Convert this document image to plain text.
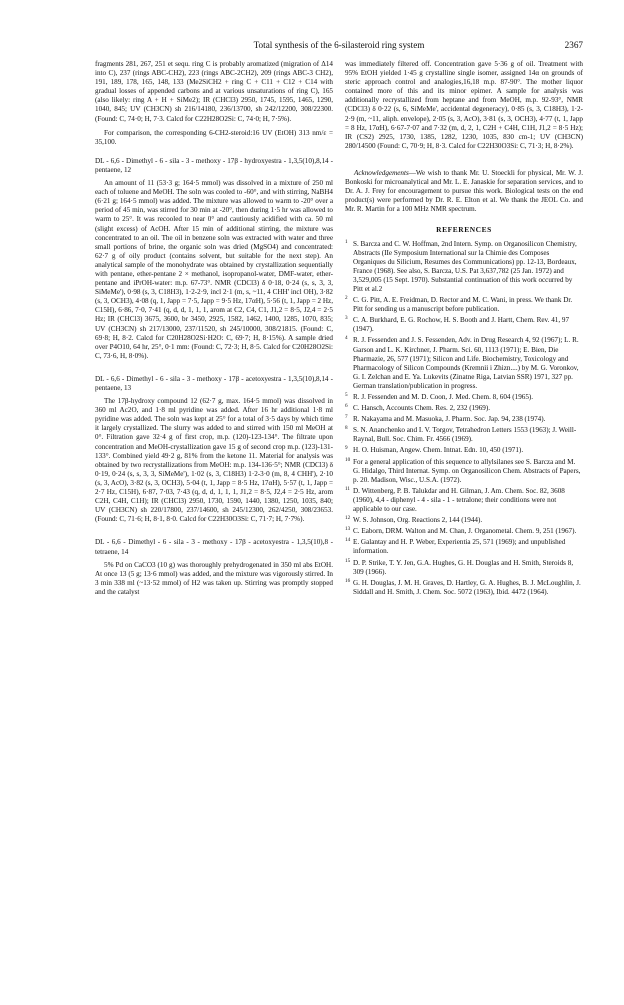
Total synthesis of the 6-silasteroid ring system	2367

fragments 281, 267, 251 et sequ. ring C is probably aromatized (migration of Δ14 into C), 237 (rings ABC-CH2), 223 (rings ABC-2CH2), 209 (rings ABC-3 CH2), 191, 189, 178, 165, 148, 133 (Me2SiCH2 + ring C + C11 + C12 + C14 with gradual losses of appended carbons and at various unsaturations of ring C), 165 (also likely: ring A + H + SiMe2); IR (CHCl3) 2950, 1745, 1595, 1465, 1290, 1040, 845; UV (CH3CN) sh 216/14180, 236/13700, sh 242/12200, 308/22300. (Found: C, 74·0; H, 7·3. Calcd for C22H28O2Si: C, 74·0; H, 7·5%).

For comparison, the corresponding 6-CH2-steroid:16 UV (EtOH) 313 nm/ε = 35,100.

DL - 6,6 - Dimethyl - 6 - sila - 3 - methoxy - 17β - hydroxyestra - 1,3,5(10),8,14 - pentaene, 12

An amount of 11 (53·3 g; 164·5 mmol) was dissolved in a mixture of 250 ml each of toluene and MeOH. The soln was cooled to -60°, and with stirring, NaBH4 (6·21 g; 164·5 mmol) was added. The mixture was allowed to warm to -20° over a period of 45 min, was stirred for 30 min at -20°, then during 1·5 hr was allowed to warm to 25°. It was recooled to near 0° and cautiously acidified with ca. 50 ml (slight excess) of AcOH. After 15 min of additional stirring, the mixture was concentrated to an oil. The oil in benzene soln was extracted with water and three small portions of brine, the organic soln was dried (MgSO4) and concentrated: 62·7 g of oily product (contains solvent, but suitable for the next step). An analytical sample of the monohydrate was obtained by crystallization sequentially with pentane, ether-pentane 2 × methanol, isopropanol-water, DMF-water, ether-pentane and iPrOH-water: m.p. 67-73°. NMR (CDCl3) δ 0·18, 0·24 (s, s, 3, 3, SiMeMe'), 0·98 (s, 3, C18H3), 1·2-2·9, incl 2·1 (m, s, ~11, 4 CHH' incl OH), 3·82 (s, 3, OCH3), 4·08 (q, 1, Japp = 7·5, Japp = 9·5 Hz, 17αH), 5·56 (t, 1, Japp = 2 Hz, C15H), 6·86, 7·0, 7·41 (q, d, d, 1, 1, 1, arom at C2, C4, C1, J1,2 = 8·5, J2,4 = 2·5 Hz; IR (CHCl3) 3675, 3600, br 3450, 2925, 1582, 1462, 1400, 1285, 1070, 835; UV (CH3CN) sh 217/13000, 237/11520, sh 245/10000, 308/21815. (Found: C, 69·8; H, 8·2. Calcd for C20H28O2Si·H2O: C, 69·7; H, 8·15%). A sample dried over P4O10, 64 hr, 25°, 0·1 mm: (Found: C, 72·3; H, 8·5. Calcd for C20H28O2Si: C, 73·6, H, 8·0%).

DL - 6,6 - Dimethyl - 6 - sila - 3 - methoxy - 17β - acetoxyestra - 1,3,5(10),8,14 - pentaene, 13

The 17β-hydroxy compound 12 (62·7 g, max. 164·5 mmol) was dissolved in 360 ml Ac2O, and 1·8 ml pyridine was added. After 16 hr additional 1·8 ml pyridine was added. The soln was kept at 25° for a total of 3·5 days by which time it largely crystallized. The slurry was added to and stirred with 150 ml MeOH at 0°. Filtration gave 32·4 g of first crop, m.p. (120)-123-134°. The filtrate upon concentration and MeOH-crystallization gave 15 g of second crop m.p. (123)-131-133°. Combined yield 49·2 g, 81% from the ketone 11. Material for analysis was obtained by two recrystallizations from MeOH: m.p. 134-136·5°; NMR (CDCl3) δ 0·19, 0·24 (s, s, 3, 3, SiMeMe'), 1·02 (s, 3, C18H3) 1·2-3·0 (m, 8, 4 CHH'), 2·10 (s, 3, AcO), 3·82 (s, 3, OCH3), 5·04 (t, 1, Japp = 8·5 Hz, 17αH), 5·57 (t, 1, Japp = 2·7 Hz, C15H), 6·87, 7·03, 7·43 (q, d, d, 1, 1, 1, J1,2 = 8·5, J2,4 = 2·5 Hz, arom C2H, C4H, C1H); IR (CHCl3) 2950, 1730, 1590, 1440, 1380, 1250, 1035, 840; UV (CH3CN) sh 220/17800, 237/14600, sh 245/12300, 262/4250, 308/23653. (Found: C, 71·6; H, 8·1, 8·0. Calcd for C22H30O3Si: C, 71·7; H, 7·7%).

DL - 6,6 - Dimethyl - 6 - sila - 3 - methoxy - 17β - acetoxyestra - 1,3,5(10),8 - tetraene, 14

5% Pd on CaCO3 (10 g) was thoroughly prehydrogenated in 350 ml abs EtOH. At once 13 (5 g; 13·6 mmol) was added, and the mixture was vigorously stirred. In 3 min 338 ml (~13·52 mmol) of H2 was taken up. Stirring was promptly stopped and the catalyst

was immediately filtered off. Concentration gave 5·36 g of oil. Treatment with 95% EtOH yielded 1·45 g crystalline single isomer, assigned 14α on grounds of steric approach control and analogies,16,18 m.p. 87-90°. The mother liquor contained more of this and its minor epimer. A sample for analysis was additionally recrystallized from heptane and from MeOH, m.p. 92-93°, NMR (CDCl3) δ 0·22 (s, 6, SiMeMe', accidental degeneracy), 0·85 (s, 3, C18H3), 1·2-2·9 (m, ~11, aliph. envelope), 2·05 (s, 3, AcO), 3·81 (s, 3, OCH3), 4·77 (t, 1, Japp = 8 Hz, 17αH), 6·67-7·07 and 7·32 (m, d, 2, 1, C2H + C4H, C1H, J1,2 = 8·5 Hz); IR (CS2) 2925, 1730, 1385, 1282, 1230, 1035, 830 cm-1; UV (CH3CN) 280/14500 (Found: C, 70·9; H, 8·3. Calcd for C22H30O3Si: C, 71·3; H, 8·2%).

Acknowledgements—We wish to thank Mr. U. Stoeckli for physical, Mr. W. J. Bonkoski for microanalytical and Mr. L. E. Janaskie for separation services, and to Dr. A. J. Frey for encouragement to pursue this work. Biological tests on the end product(s) were performed by Dr. R. E. Elton et al. We thank the JEOL Co. and Mr. R. Martin for a 100 MHz NMR spectrum.

REFERENCES

1 S. Barcza and C. W. Hoffman, 2nd Intern. Symp. on Organosilicon Chemistry, Abstracts (IIe Symposium International sur la Chimie des Composes Organiques du Silicium, Resumes des Communications) pp. 12-13, Bordeaux, France (1968). See also, S. Barcza, U.S. Pat 3,637,782 (25 Jan. 1972) and 3,529,005 (15 Sept. 1970). Substantial continuation of this work occurred by Pitt et al.2
2 C. G. Pitt, A. E. Freidman, D. Rector and M. C. Wani, in press. We thank Dr. Pitt for sending us a manuscript before publication.
3 C. A. Burkhard, E. G. Rochow, H. S. Booth and J. Hartt, Chem. Rev. 41, 97 (1947).
4 R. J. Fessenden and J. S. Fessenden, Adv. in Drug Research 4, 92 (1967); L. R. Garson and L. K. Kirchner, J. Pharm. Sci. 60, 1113 (1971); E. Bien, Die Pharmazie, 26, 577 (1971); Silicon and Life. Biochemistry, Toxicology and Pharmacology of Silicon Compounds (Kremnii i Zhizn....) by M. G. Voronkov, G. I. Zelchan and E. Ya. Lukevits (Zinatne Riga, Latvian SSR) 1971, 327 pp. German translation/publication in progress.
5 R. J. Fessenden and M. D. Coon, J. Med. Chem. 8, 604 (1965).
6 C. Hansch, Accounts Chem. Res. 2, 232 (1969).
7 R. Nakayama and M. Masuoka, J. Pharm. Soc. Jap. 94, 238 (1974).
8 S. N. Ananchenko and I. V. Torgov, Tetrahedron Letters 1553 (1963); J. Weill-Raynal, Bull. Soc. Chim. Fr. 4566 (1969).
9 H. O. Huisman, Angew. Chem. Intnat. Edn. 10, 450 (1971).
10 For a general application of this sequence to allylsilanes see S. Barcza and M. G. Hidalgo, Third Internat. Symp. on Organosilicon Chem. Abstracts of Papers, p. 20. Madison, Wisc., U.S.A. (1972).
11 D. Wittenberg, P. B. Talukdar and H. Gilman, J. Am. Chem. Soc. 82, 3608 (1960), 4,4 - diphenyl - 4 - sila - 1 - tetralone; their conditions were not applicable to our case.
12 W. S. Johnson, Org. Reactions 2, 144 (1944).
13 C. Eaborn, DRM. Walton and M. Chan, J. Organometal. Chem. 9, 251 (1967).
14 E. Galantay and H. P. Weber, Experientia 25, 571 (1969); and unpublished information.
15 D. P. Strike, T. Y. Jen, G.A. Hughes, G. H. Douglas and H. Smith, Steroids 8, 309 (1966).
16 G. H. Douglas, J. M. H. Graves, D. Hartley, G. A. Hughes, B. J. McLoughlin, J. Siddall and H. Smith, J. Chem. Soc. 5072 (1963), Ibid. 4472 (1964).
